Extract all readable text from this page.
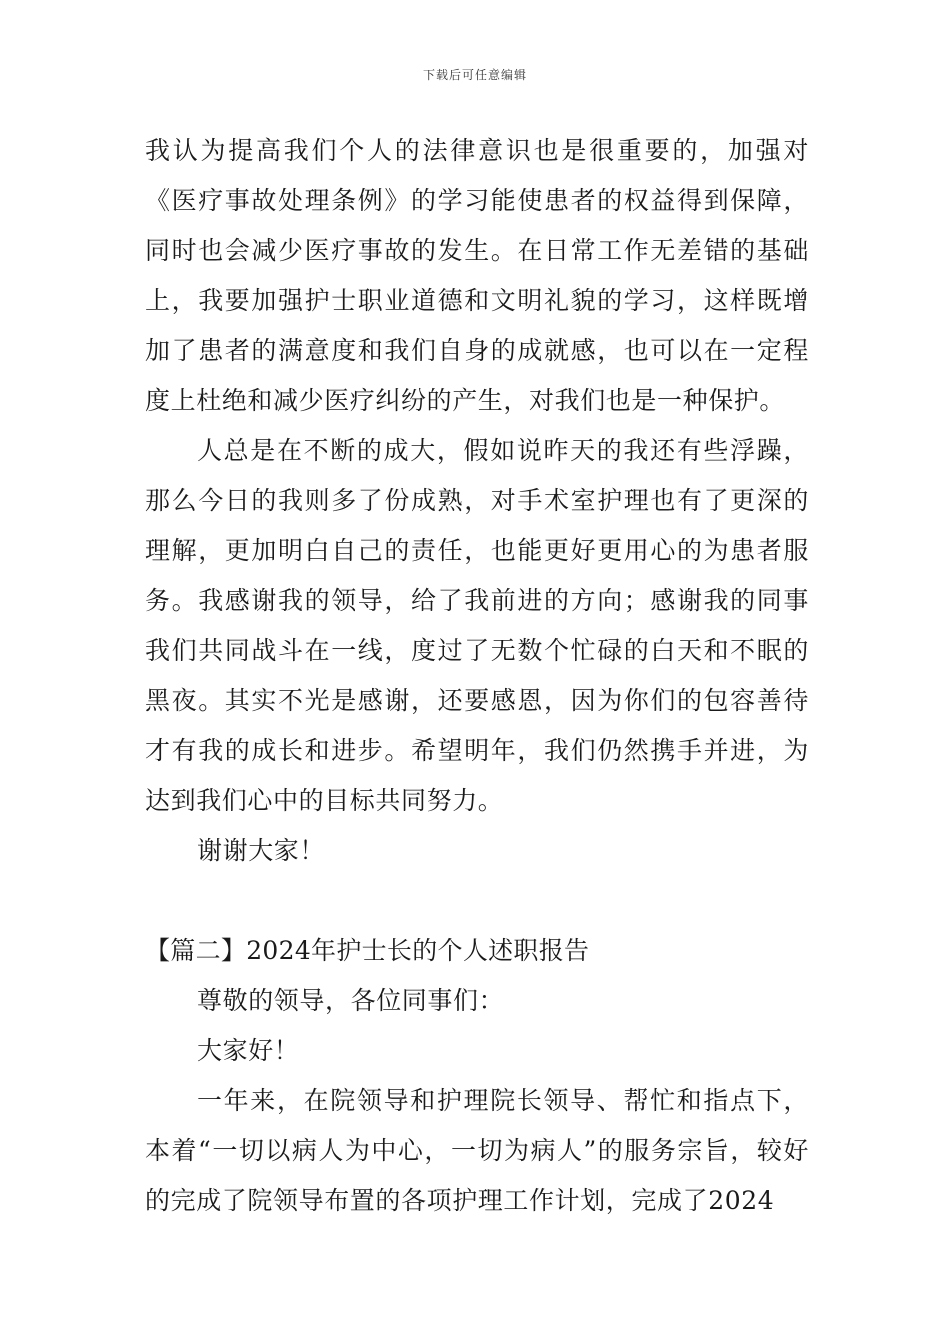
下载后可任意编辑

我认为提高我们个人的法律意识也是很重要的，加强对《医疗事故处理条例》的学习能使患者的权益得到保障，同时也会减少医疗事故的发生。在日常工作无差错的基础上，我要加强护士职业道德和文明礼貌的学习，这样既增加了患者的满意度和我们自身的成就感，也可以在一定程度上杜绝和减少医疗纠纷的产生，对我们也是一种保护。

人总是在不断的成大，假如说昨天的我还有些浮躁，那么今日的我则多了份成熟，对手术室护理也有了更深的理解，更加明白自己的责任，也能更好更用心的为患者服务。我感谢我的领导，给了我前进的方向；感谢我的同事我们共同战斗在一线，度过了无数个忙碌的白天和不眠的黑夜。其实不光是感谢，还要感恩，因为你们的包容善待才有我的成长和进步。希望明年，我们仍然携手并进，为达到我们心中的目标共同努力。

谢谢大家！

【篇二】2024年护士长的个人述职报告

尊敬的领导，各位同事们：

大家好！

一年来，在院领导和护理院长领导、帮忙和指点下，本着“一切以病人为中心，一切为病人”的服务宗旨，较好的完成了院领导布置的各项护理工作计划，完成了2024
